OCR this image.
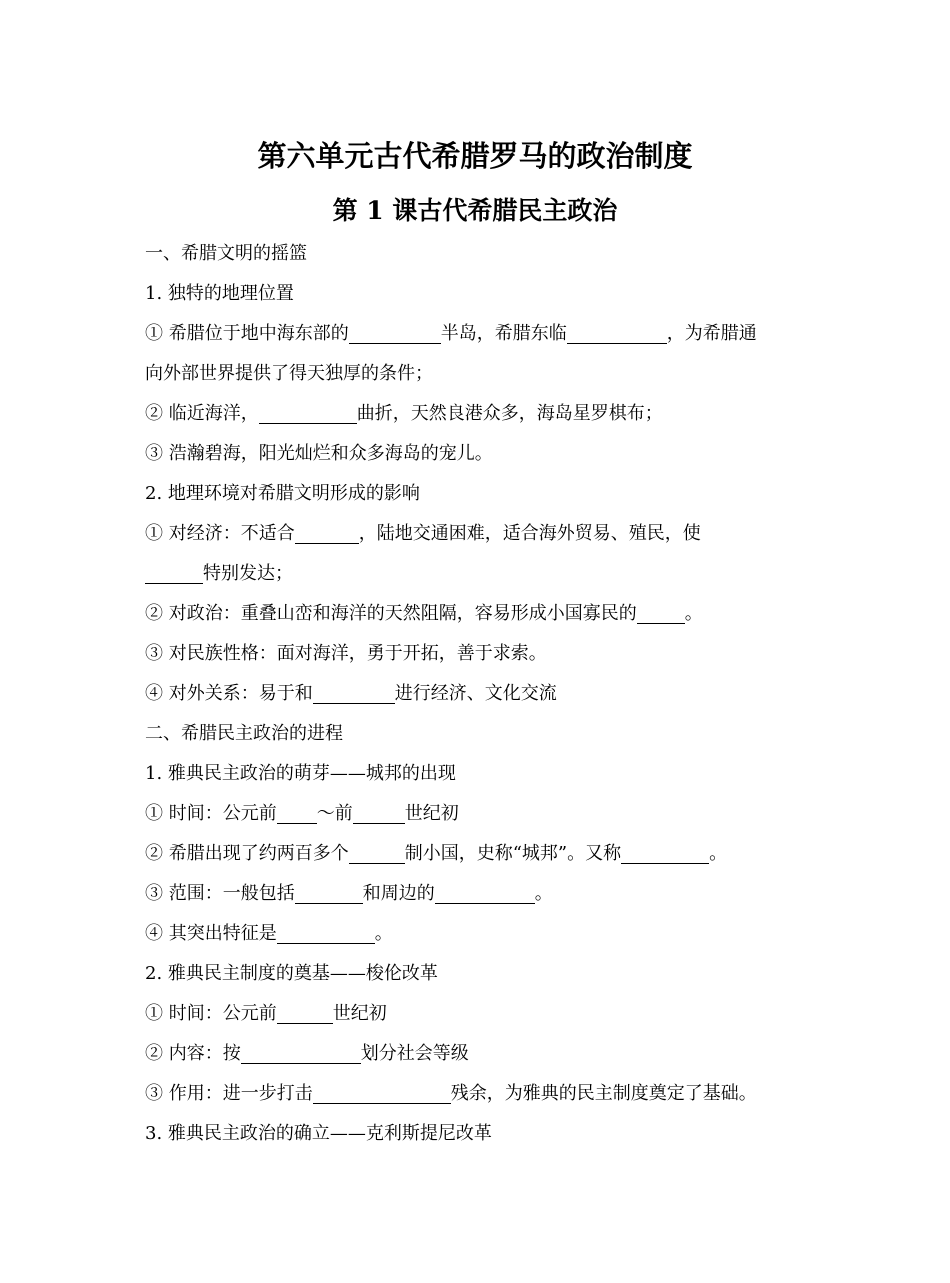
第六单元古代希腊罗马的政治制度
第 1 课古代希腊民主政治
一、希腊文明的摇篮
1. 独特的地理位置
① 希腊位于地中海东部的	半岛，希腊东临	，为希腊通
向外部世界提供了得天独厚的条件；
② 临近海洋，	曲折，天然良港众多，海岛星罗棋布；
③ 浩瀚碧海，阳光灿烂和众多海岛的宠儿。
2. 地理环境对希腊文明形成的影响
① 对经济：不适合	，陆地交通困难，适合海外贸易、殖民，使
特别发达；
② 对政治：重叠山峦和海洋的天然阻隔，容易形成小国寡民的	。
③ 对民族性格：面对海洋，勇于开拓，善于求索。
④ 对外关系：易于和	进行经济、文化交流
二、希腊民主政治的进程
1. 雅典民主政治的萌芽——城邦的出现
① 时间：公元前 ～前	世纪初
② 希腊出现了约两百多个	制小国，史称“城邦”。又称	。
③ 范围：一般包括	和周边的	。
④ 其突出特征是	。
2. 雅典民主制度的奠基——梭伦改革
① 时间：公元前	世纪初
② 内容：按	划分社会等级
③ 作用：进一步打击	残余，为雅典的民主制度奠定了基础。
3. 雅典民主政治的确立——克利斯提尼改革
